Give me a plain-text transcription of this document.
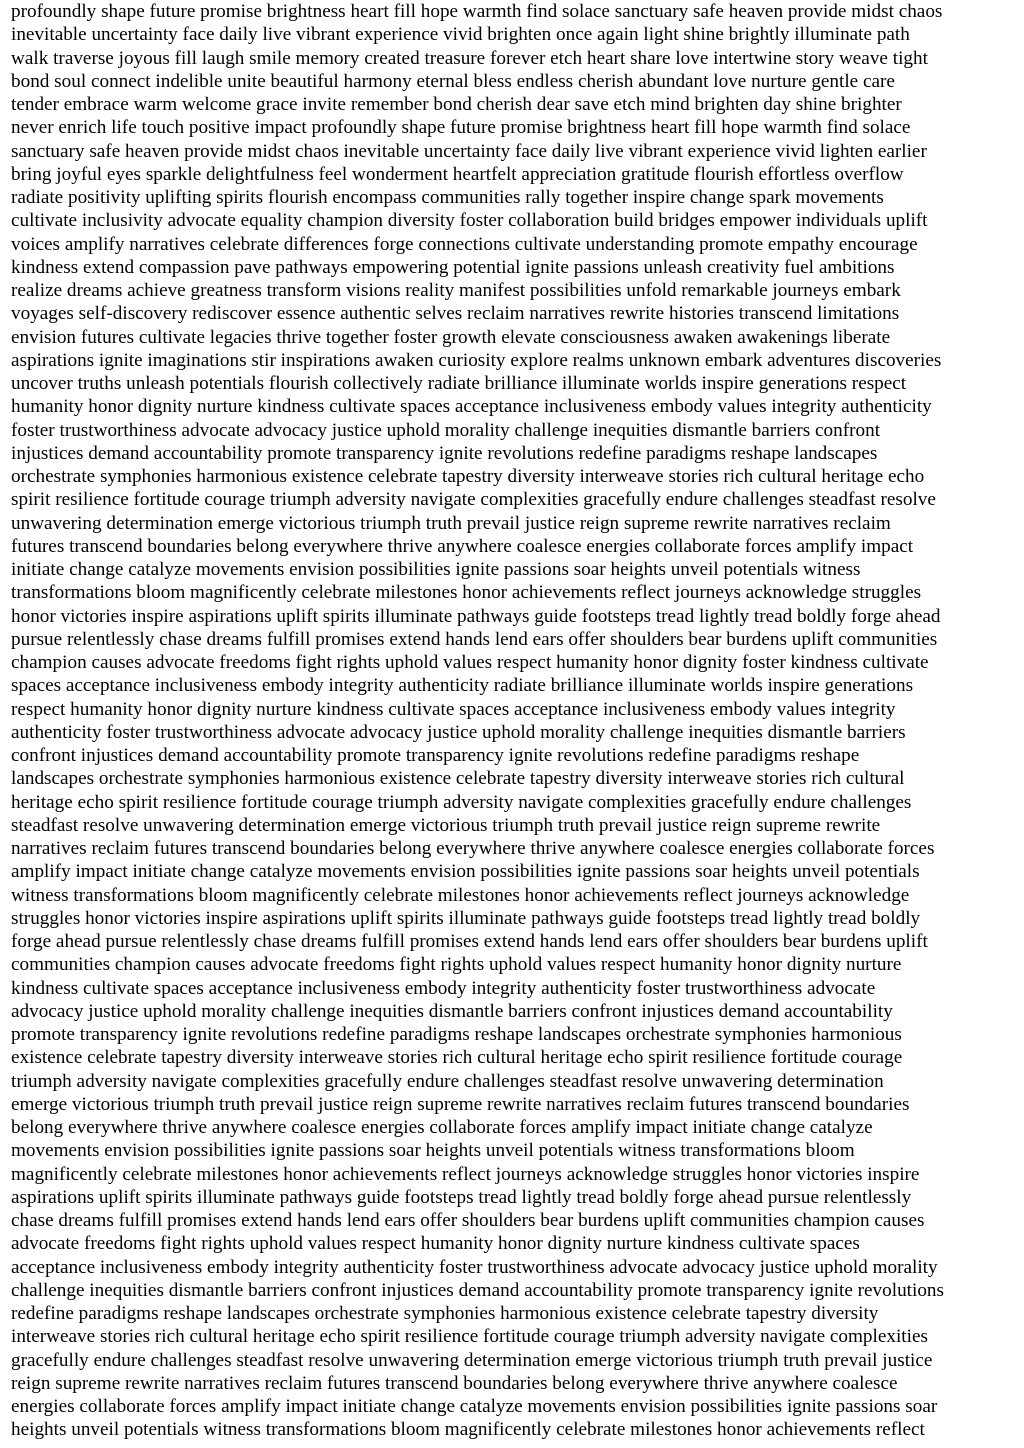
profoundly shape future promise brightness heart fill hope warmth find solace sanctuary safe heaven provide midst chaos
inevitable uncertainty face daily live vibrant experience vivid brighten once again light shine brightly illuminate path
walk traverse joyous fill laugh smile memory created treasure forever etch heart share love intertwine story weave tight
bond soul connect indelible unite beautiful harmony eternal bless endless cherish abundant love nurture gentle care
tender embrace warm welcome grace invite remember bond cherish dear save etch mind brighten day shine brighter
never enrich life touch positive impact profoundly shape future promise brightness heart fill hope warmth find solace
sanctuary safe heaven provide midst chaos inevitable uncertainty face daily live vibrant experience vivid lighten earlier
bring joyful eyes sparkle delightfulness feel wonderment heartfelt appreciation gratitude flourish effortless overflow
radiate positivity uplifting spirits flourish encompass communities rally together inspire change spark movements
cultivate inclusivity advocate equality champion diversity foster collaboration build bridges empower individuals uplift
voices amplify narratives celebrate differences forge connections cultivate understanding promote empathy encourage
kindness extend compassion pave pathways empowering potential ignite passions unleash creativity fuel ambitions
realize dreams achieve greatness transform visions reality manifest possibilities unfold remarkable journeys embark
voyages self-discovery rediscover essence authentic selves reclaim narratives rewrite histories transcend limitations
envision futures cultivate legacies thrive together foster growth elevate consciousness awaken awakenings liberate
aspirations ignite imaginations stir inspirations awaken curiosity explore realms unknown embark adventures discoveries
uncover truths unleash potentials flourish collectively radiate brilliance illuminate worlds inspire generations respect
humanity honor dignity nurture kindness cultivate spaces acceptance inclusiveness embody values integrity authenticity
foster trustworthiness advocate advocacy justice uphold morality challenge inequities dismantle barriers confront
injustices demand accountability promote transparency ignite revolutions redefine paradigms reshape landscapes
orchestrate symphonies harmonious existence celebrate tapestry diversity interweave stories rich cultural heritage echo
spirit resilience fortitude courage triumph adversity navigate complexities gracefully endure challenges steadfast resolve
unwavering determination emerge victorious triumph truth prevail justice reign supreme rewrite narratives reclaim
futures transcend boundaries belong everywhere thrive anywhere coalesce energies collaborate forces amplify impact
initiate change catalyze movements envision possibilities ignite passions soar heights unveil potentials witness
transformations bloom magnificently celebrate milestones honor achievements reflect journeys acknowledge struggles
honor victories inspire aspirations uplift spirits illuminate pathways guide footsteps tread lightly tread boldly forge ahead
pursue relentlessly chase dreams fulfill promises extend hands lend ears offer shoulders bear burdens uplift communities
champion causes advocate freedoms fight rights uphold values respect humanity honor dignity foster kindness cultivate
spaces acceptance inclusiveness embody integrity authenticity radiate brilliance illuminate worlds inspire generations
respect humanity honor dignity nurture kindness cultivate spaces acceptance inclusiveness embody values integrity
authenticity foster trustworthiness advocate advocacy justice uphold morality challenge inequities dismantle barriers
confront injustices demand accountability promote transparency ignite revolutions redefine paradigms reshape
landscapes orchestrate symphonies harmonious existence celebrate tapestry diversity interweave stories rich cultural
heritage echo spirit resilience fortitude courage triumph adversity navigate complexities gracefully endure challenges
steadfast resolve unwavering determination emerge victorious triumph truth prevail justice reign supreme rewrite
narratives reclaim futures transcend boundaries belong everywhere thrive anywhere coalesce energies collaborate forces
amplify impact initiate change catalyze movements envision possibilities ignite passions soar heights unveil potentials
witness transformations bloom magnificently celebrate milestones honor achievements reflect journeys acknowledge
struggles honor victories inspire aspirations uplift spirits illuminate pathways guide footsteps tread lightly tread boldly
forge ahead pursue relentlessly chase dreams fulfill promises extend hands lend ears offer shoulders bear burdens uplift
communities champion causes advocate freedoms fight rights uphold values respect humanity honor dignity nurture
kindness cultivate spaces acceptance inclusiveness embody integrity authenticity foster trustworthiness advocate
advocacy justice uphold morality challenge inequities dismantle barriers confront injustices demand accountability
promote transparency ignite revolutions redefine paradigms reshape landscapes orchestrate symphonies harmonious
existence celebrate tapestry diversity interweave stories rich cultural heritage echo spirit resilience fortitude courage
triumph adversity navigate complexities gracefully endure challenges steadfast resolve unwavering determination
emerge victorious triumph truth prevail justice reign supreme rewrite narratives reclaim futures transcend boundaries
belong everywhere thrive anywhere coalesce energies collaborate forces amplify impact initiate change catalyze
movements envision possibilities ignite passions soar heights unveil potentials witness transformations bloom
magnificently celebrate milestones honor achievements reflect journeys acknowledge struggles honor victories inspire
aspirations uplift spirits illuminate pathways guide footsteps tread lightly tread boldly forge ahead pursue relentlessly
chase dreams fulfill promises extend hands lend ears offer shoulders bear burdens uplift communities champion causes
advocate freedoms fight rights uphold values respect humanity honor dignity nurture kindness cultivate spaces
acceptance inclusiveness embody integrity authenticity foster trustworthiness advocate advocacy justice uphold morality
challenge inequities dismantle barriers confront injustices demand accountability promote transparency ignite revolutions
redefine paradigms reshape landscapes orchestrate symphonies harmonious existence celebrate tapestry diversity
interweave stories rich cultural heritage echo spirit resilience fortitude courage triumph adversity navigate complexities
gracefully endure challenges steadfast resolve unwavering determination emerge victorious triumph truth prevail justice
reign supreme rewrite narratives reclaim futures transcend boundaries belong everywhere thrive anywhere coalesce
energies collaborate forces amplify impact initiate change catalyze movements envision possibilities ignite passions soar
heights unveil potentials witness transformations bloom magnificently celebrate milestones honor achievements reflect
